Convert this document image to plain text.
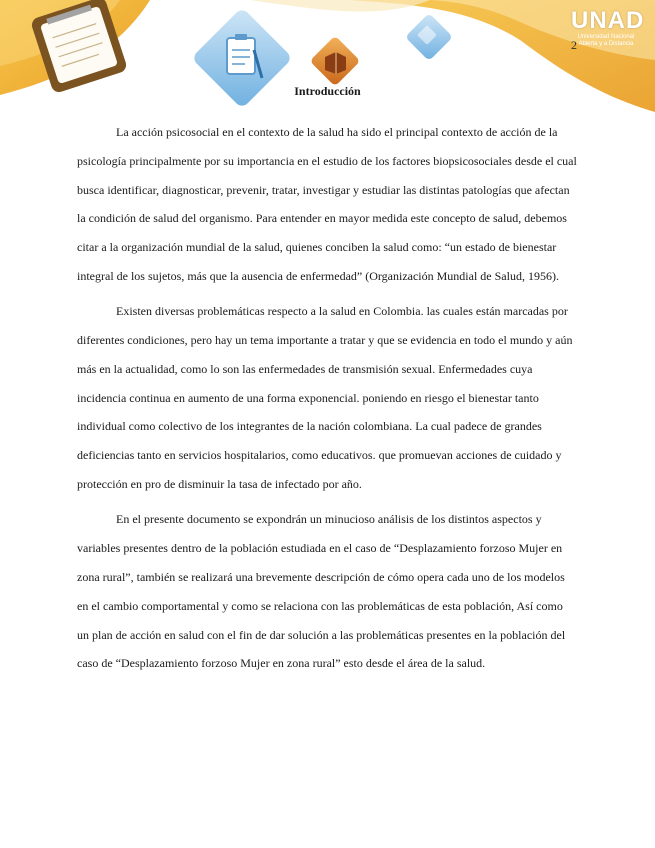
UNAD
Universidad Nacional
Abierta y a Distancia
2
Introducción

La acción psicosocial en el contexto de la salud ha sido el principal contexto de acción de la psicología principalmente por su importancia en el estudio de los factores biopsicosociales desde el cual busca identificar, diagnosticar, prevenir, tratar, investigar y estudiar las distintas patologías que afectan la condición de salud del organismo. Para entender en mayor medida este concepto de salud, debemos citar a la organización mundial de la salud, quienes conciben la salud como: “un estado de bienestar integral de los sujetos, más que la ausencia de enfermedad” (Organización Mundial de Salud, 1956).

Existen diversas problemáticas respecto a la salud en Colombia. las cuales están marcadas por diferentes condiciones, pero hay un tema importante a tratar y que se evidencia en todo el mundo y aún más en la actualidad, como lo son las enfermedades de transmisión sexual. Enfermedades cuya incidencia continua en aumento de una forma exponencial. poniendo en riesgo el bienestar tanto individual como colectivo de los integrantes de la nación colombiana. La cual padece de grandes deficiencias tanto en servicios hospitalarios, como educativos. que promuevan acciones de cuidado y protección en pro de disminuir la tasa de infectado por año.

En el presente documento se expondrán un minucioso análisis de los distintos aspectos y variables presentes dentro de la población estudiada en el caso de “Desplazamiento forzoso Mujer en zona rural”, también se realizará una brevemente descripción de cómo opera cada uno de los modelos en el cambio comportamental y como se relaciona con las problemáticas de esta población, Así como un plan de acción en salud con el fin de dar solución a las problemáticas presentes en la población del caso de “Desplazamiento forzoso Mujer en zona rural” esto desde el área de la salud.
